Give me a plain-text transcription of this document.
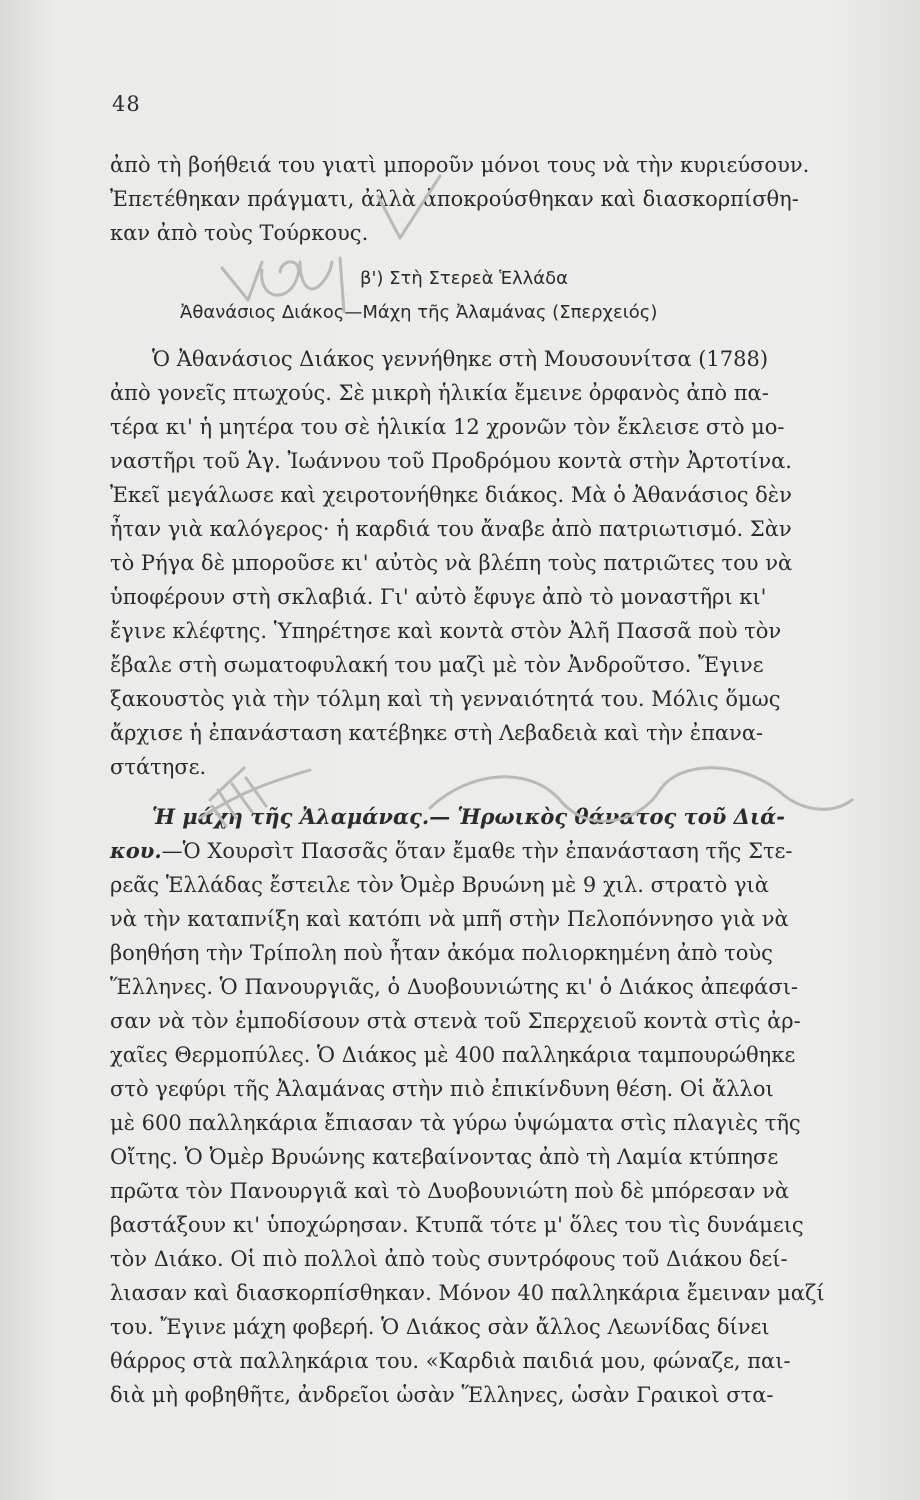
48
ἀπὸ τὴ βοήθειά του γιατὶ μποροῦν μόνοι τους νὰ τὴν κυριεύσουν.
Ἐπετέθηκαν πράγματι, ἀλλὰ ἀποκρούσθηκαν καὶ διασκορπίσθη-
καν ἀπὸ τοὺς Τούρκους.
β') Στὴ Στερεὰ Ἑλλάδα
Ἀθανάσιος Διάκος—Μάχη τῆς Ἀλαμάνας (Σπερχειός)
Ὁ Ἀθανάσιος Διάκος γεννήθηκε στὴ Μουσουνίτσα (1788)
ἀπὸ γονεῖς πτωχούς. Σὲ μικρὴ ἡλικία ἔμεινε ὀρφανὸς ἀπὸ πα-
τέρα κι' ἡ μητέρα του σὲ ἡλικία 12 χρονῶν τὸν ἔκλεισε στὸ μο-
ναστῆρι τοῦ Ἁγ. Ἰωάννου τοῦ Προδρόμου κοντὰ στὴν Ἀρτοτίνα.
Ἐκεῖ μεγάλωσε καὶ χειροτονήθηκε διάκος. Μὰ ὁ Ἀθανάσιος δὲν
ἦταν γιὰ καλόγερος· ἡ καρδιά του ἄναβε ἀπὸ πατριωτισμό. Σὰν
τὸ Ρήγα δὲ μποροῦσε κι' αὐτὸς νὰ βλέπη τοὺς πατριῶτες του νὰ
ὑποφέρουν στὴ σκλαβιά. Γι' αὐτὸ ἔφυγε ἀπὸ τὸ μοναστῆρι κι'
ἔγινε κλέφτης. Ὑπηρέτησε καὶ κοντὰ στὸν Ἀλῆ Πασσᾶ ποὺ τὸν
ἔβαλε στὴ σωματοφυλακή του μαζὶ μὲ τὸν Ἀνδροῦτσο. Ἔγινε
ξακουστὸς γιὰ τὴν τόλμη καὶ τὴ γενναιότητά του. Μόλις ὅμως
ἄρχισε ἡ ἐπανάσταση κατέβηκε στὴ Λεβαδειὰ καὶ τὴν ἐπανα-
στάτησε.
Ἡ μάχη τῆς Ἀλαμάνας.— Ἡρωικὸς θάνατος τοῦ Διά-
κου.—Ὁ Χουρσὶτ Πασσᾶς ὅταν ἔμαθε τὴν ἐπανάσταση τῆς Στε-
ρεᾶς Ἑλλάδας ἔστειλε τὸν Ὀμὲρ Βρυώνη μὲ 9 χιλ. στρατὸ γιὰ
νὰ τὴν καταπνίξη καὶ κατόπι νὰ μπῆ στὴν Πελοπόννησο γιὰ νὰ
βοηθήση τὴν Τρίπολη ποὺ ἦταν ἀκόμα πολιορκημένη ἀπὸ τοὺς
Ἕλληνες. Ὁ Πανουργιᾶς, ὁ Δυοβουνιώτης κι' ὁ Διάκος ἀπεφάσι-
σαν νὰ τὸν ἐμποδίσουν στὰ στενὰ τοῦ Σπερχειοῦ κοντὰ στὶς ἀρ-
χαῖες Θερμοπύλες. Ὁ Διάκος μὲ 400 παλληκάρια ταμπουρώθηκε
στὸ γεφύρι τῆς Ἀλαμάνας στὴν πιὸ ἐπικίνδυνη θέση. Οἱ ἄλλοι
μὲ 600 παλληκάρια ἔπιασαν τὰ γύρω ὑψώματα στὶς πλαγιὲς τῆς
Οἴτης. Ὁ Ὀμὲρ Βρυώνης κατεβαίνοντας ἀπὸ τὴ Λαμία κτύπησε
πρῶτα τὸν Πανουργιᾶ καὶ τὸ Δυοβουνιώτη ποὺ δὲ μπόρεσαν νὰ
βαστάξουν κι' ὑποχώρησαν. Κτυπᾶ τότε μ' ὅλες του τὶς δυνάμεις
τὸν Διάκο. Οἱ πιὸ πολλοὶ ἀπὸ τοὺς συντρόφους τοῦ Διάκου δεί-
λιασαν καὶ διασκορπίσθηκαν. Μόνον 40 παλληκάρια ἔμειναν μαζί
του. Ἔγινε μάχη φοβερή. Ὁ Διάκος σὰν ἄλλος Λεωνίδας δίνει
θάρρος στὰ παλληκάρια του. «Καρδιὰ παιδιά μου, φώναζε, παι-
διὰ μὴ φοβηθῆτε, ἀνδρεῖοι ὡσὰν Ἕλληνες, ὡσὰν Γραικοὶ στα-
